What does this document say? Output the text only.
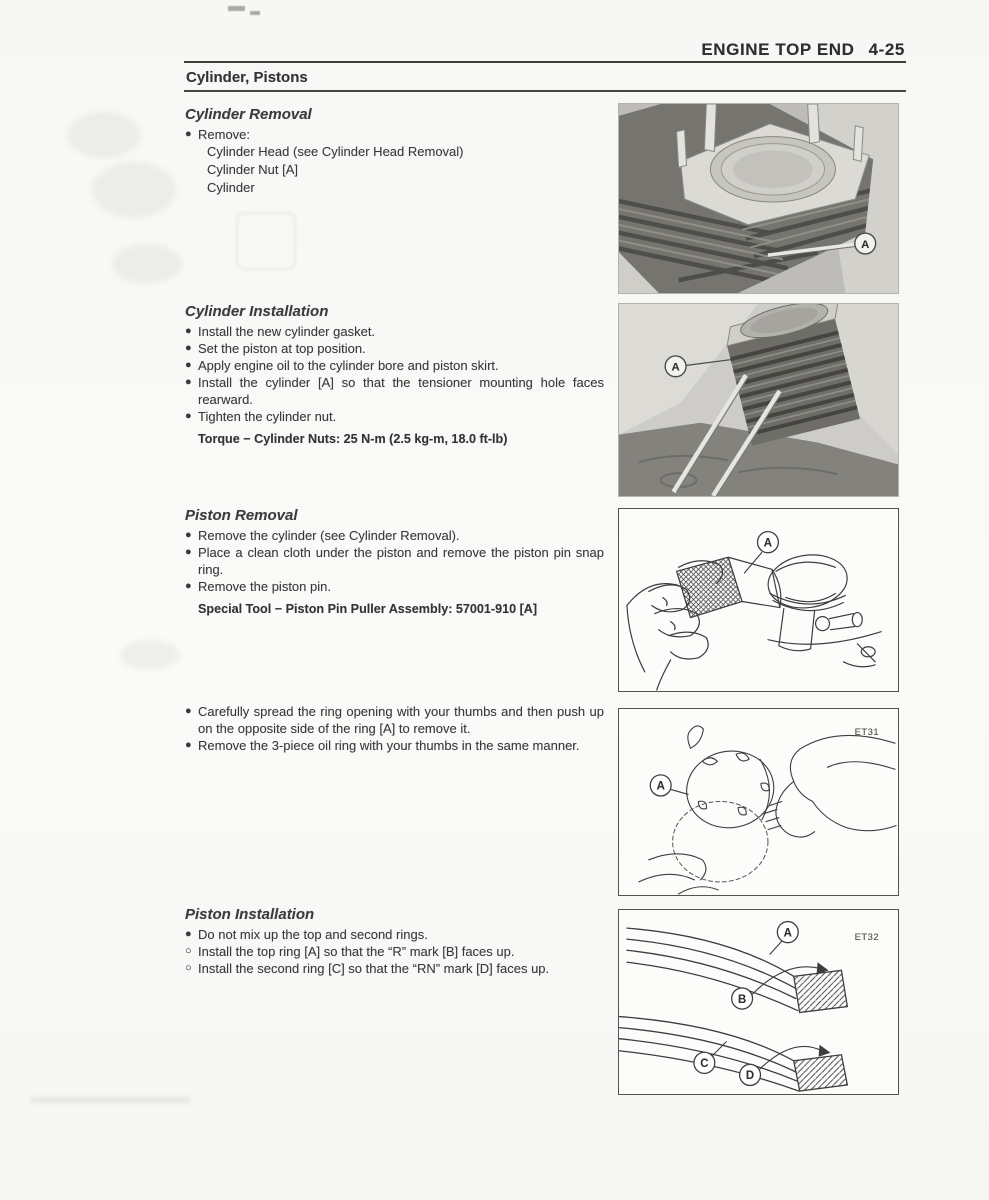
ENGINE TOP END 4-25
Cylinder, Pistons
Cylinder Removal
● Remove:
Cylinder Head (see Cylinder Head Removal)
Cylinder Nut [A]
Cylinder
Cylinder Installation
● Install the new cylinder gasket.
● Set the piston at top position.
● Apply engine oil to the cylinder bore and piston skirt.
● Install the cylinder [A] so that the tensioner mounting hole faces rearward.
● Tighten the cylinder nut.
Torque − Cylinder Nuts: 25 N-m (2.5 kg-m, 18.0 ft-lb)
Piston Removal
● Remove the cylinder (see Cylinder Removal).
● Place a clean cloth under the piston and remove the piston pin snap ring.
● Remove the piston pin.
Special Tool − Piston Pin Puller Assembly: 57001-910 [A]
● Carefully spread the ring opening with your thumbs and then push up on the opposite side of the ring [A] to remove it.
● Remove the 3-piece oil ring with your thumbs in the same manner.
Piston Installation
● Do not mix up the top and second rings.
○ Install the top ring [A] so that the “R” mark [B] faces up.
○ Install the second ring [C] so that the “RN” mark [D] faces up.
A
A
A
A
ET31
A
B
C
D
ET32
